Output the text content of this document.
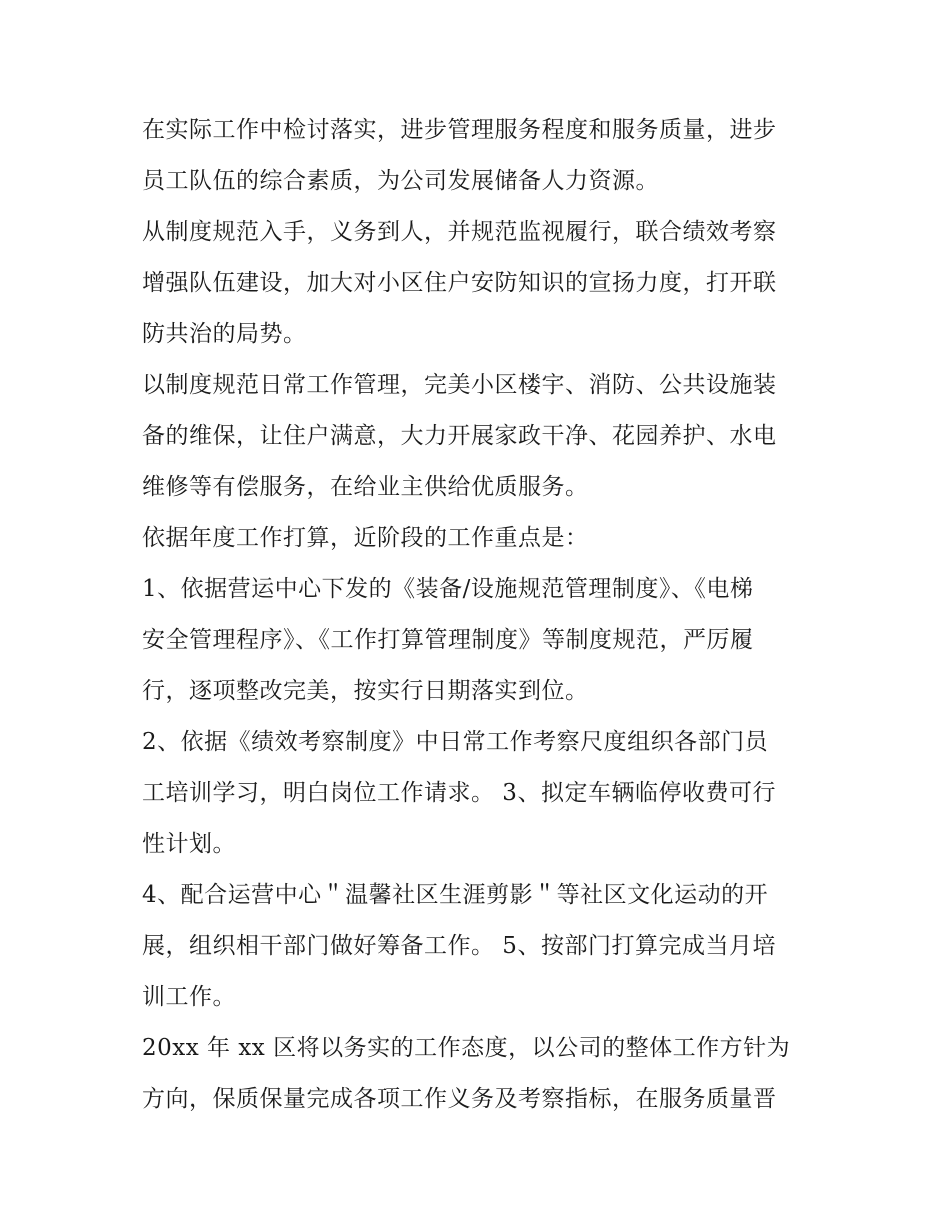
在实际工作中检讨落实，进步管理服务程度和服务质量，进步
员工队伍的综合素质，为公司发展储备人力资源。

从制度规范入手，义务到人，并规范监视履行，联合绩效考察
增强队伍建设，加大对小区住户安防知识的宣扬力度，打开联
防共治的局势。

以制度规范日常工作管理，完美小区楼宇、消防、公共设施装
备的维保，让住户满意，大力开展家政干净、花园养护、水电
维修等有偿服务，在给业主供给优质服务。

依据年度工作打算，近阶段的工作重点是：

1、依据营运中心下发的《装备/设施规范管理制度》、《电梯
安全管理程序》、《工作打算管理制度》等制度规范，严厉履
行，逐项整改完美，按实行日期落实到位。

2、依据《绩效考察制度》中日常工作考察尺度组织各部门员
工培训学习，明白岗位工作请求。 3、拟定车辆临停收费可行
性计划。

4、配合运营中心＂温馨社区生涯剪影＂等社区文化运动的开
展，组织相干部门做好筹备工作。 5、按部门打算完成当月培
训工作。

20xx 年 xx 区将以务实的工作态度，以公司的整体工作方针为
方向，保质保量完成各项工作义务及考察指标，在服务质量晋
